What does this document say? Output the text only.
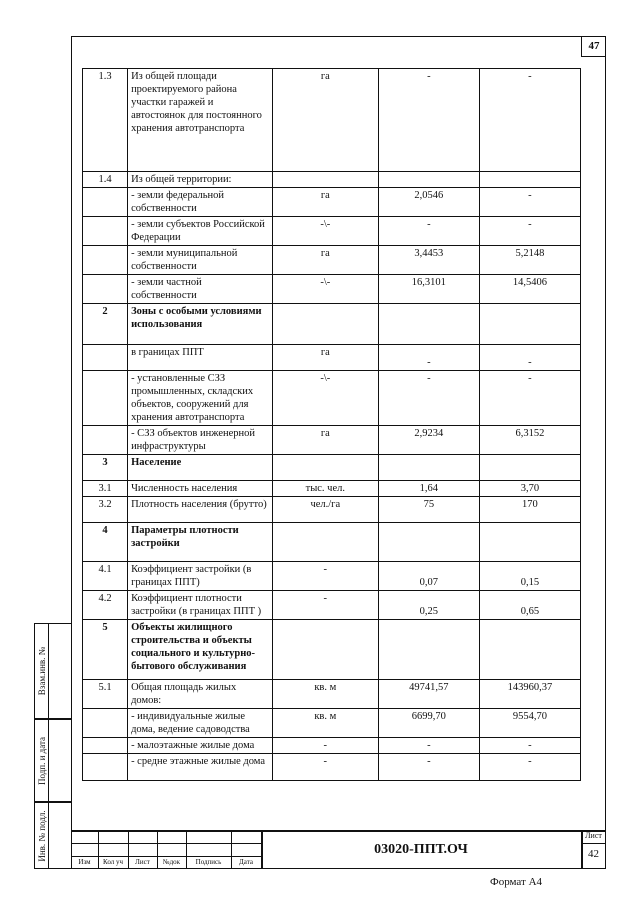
47
1.3	Из общей площади проектируемого района участки гаражей и автостоянок для постоянного хранения автотранспорта	га	-	-
1.4	Из общей территории:			
	- земли федеральной собственности	га	2,0546	-
	- земли субъектов Российской Федерации	-\-	-	-
	- земли муниципальной собственности	га	3,4453	5,2148
	- земли частной собственности	-\-	16,3101	14,5406
2	Зоны с особыми условиями использования			
	в границах ППТ	га	-	-
	- установленные СЗЗ промышленных, складских объектов, сооружений для хранения автотранспорта	-\-	-	-
	- СЗЗ объектов инженерной инфраструктуры	га	2,9234	6,3152
3	Население			
3.1	Численность населения	тыс. чел.	1,64	3,70
3.2	Плотность населения (брутто)	чел./га	75	170
4	Параметры плотности застройки			
4.1	Коэффициент застройки (в границах ППТ)	-	0,07	0,15
4.2	Коэффициент плотности застройки (в границах ППТ )	-	0,25	0,65
5	Объекты жилищного строительства и объекты социального и культурно-бытового обслуживания			
5.1	Общая площадь жилых домов:	кв. м	49741,57	143960,37
	- индивидуальные жилые дома, ведение садоводства	кв. м	6699,70	9554,70
	- малоэтажные жилые дома	-	-	-
	- средне этажные жилые дома	-	-	-
Взам.инв. №
Подп. и дата
Инв. № подл.
Изм	Кол уч	Лист	№док	Подпись	Дата
03020-ППТ.ОЧ
Лист
42
Формат А4
